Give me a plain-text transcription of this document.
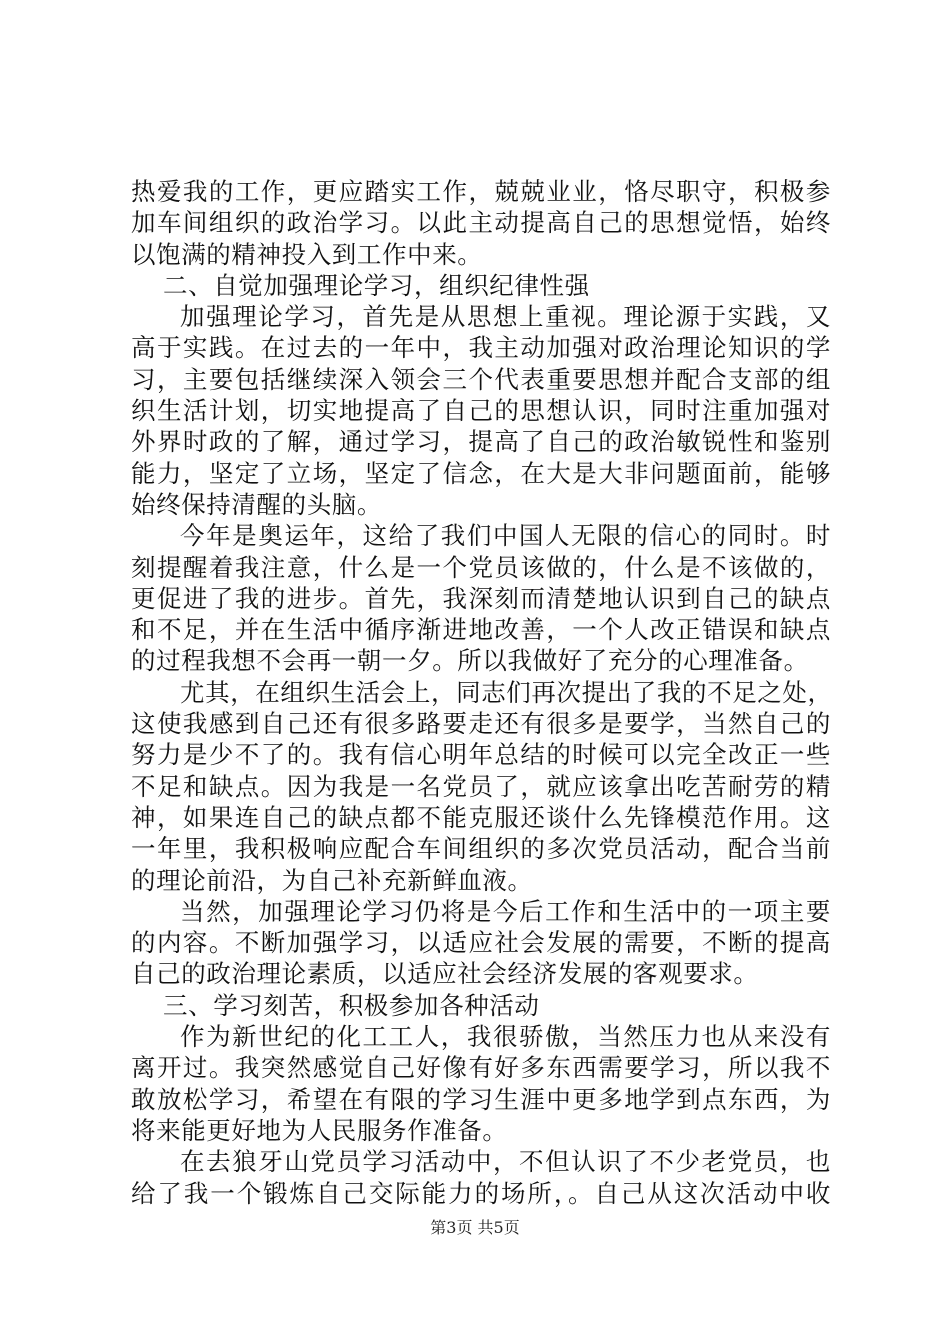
热爱我的工作，更应踏实工作，兢兢业业，恪尽职守，积极参
加车间组织的政治学习。以此主动提高自己的思想觉悟，始终
以饱满的精神投入到工作中来。
二、自觉加强理论学习，组织纪律性强
加强理论学习，首先是从思想上重视。理论源于实践，又
高于实践。在过去的一年中，我主动加强对政治理论知识的学
习，主要包括继续深入领会三个代表重要思想并配合支部的组
织生活计划，切实地提高了自己的思想认识，同时注重加强对
外界时政的了解，通过学习，提高了自己的政治敏锐性和鉴别
能力，坚定了立场，坚定了信念，在大是大非问题面前，能够
始终保持清醒的头脑。
今年是奥运年，这给了我们中国人无限的信心的同时。时
刻提醒着我注意，什么是一个党员该做的，什么是不该做的，
更促进了我的进步。首先，我深刻而清楚地认识到自己的缺点
和不足，并在生活中循序渐进地改善，一个人改正错误和缺点
的过程我想不会再一朝一夕。所以我做好了充分的心理准备。
尤其，在组织生活会上，同志们再次提出了我的不足之处，
这使我感到自己还有很多路要走还有很多是要学，当然自己的
努力是少不了的。我有信心明年总结的时候可以完全改正一些
不足和缺点。因为我是一名党员了，就应该拿出吃苦耐劳的精
神，如果连自己的缺点都不能克服还谈什么先锋模范作用。这
一年里，我积极响应配合车间组织的多次党员活动，配合当前
的理论前沿，为自己补充新鲜血液。
当然，加强理论学习仍将是今后工作和生活中的一项主要
的内容。不断加强学习，以适应社会发展的需要，不断的提高
自己的政治理论素质，以适应社会经济发展的客观要求。
三、学习刻苦，积极参加各种活动
作为新世纪的化工工人，我很骄傲，当然压力也从来没有
离开过。我突然感觉自己好像有好多东西需要学习，所以我不
敢放松学习，希望在有限的学习生涯中更多地学到点东西，为
将来能更好地为人民服务作准备。
在去狼牙山党员学习活动中，不但认识了不少老党员，也
给了我一个锻炼自己交际能力的场所，。自己从这次活动中收
第3页 共5页
